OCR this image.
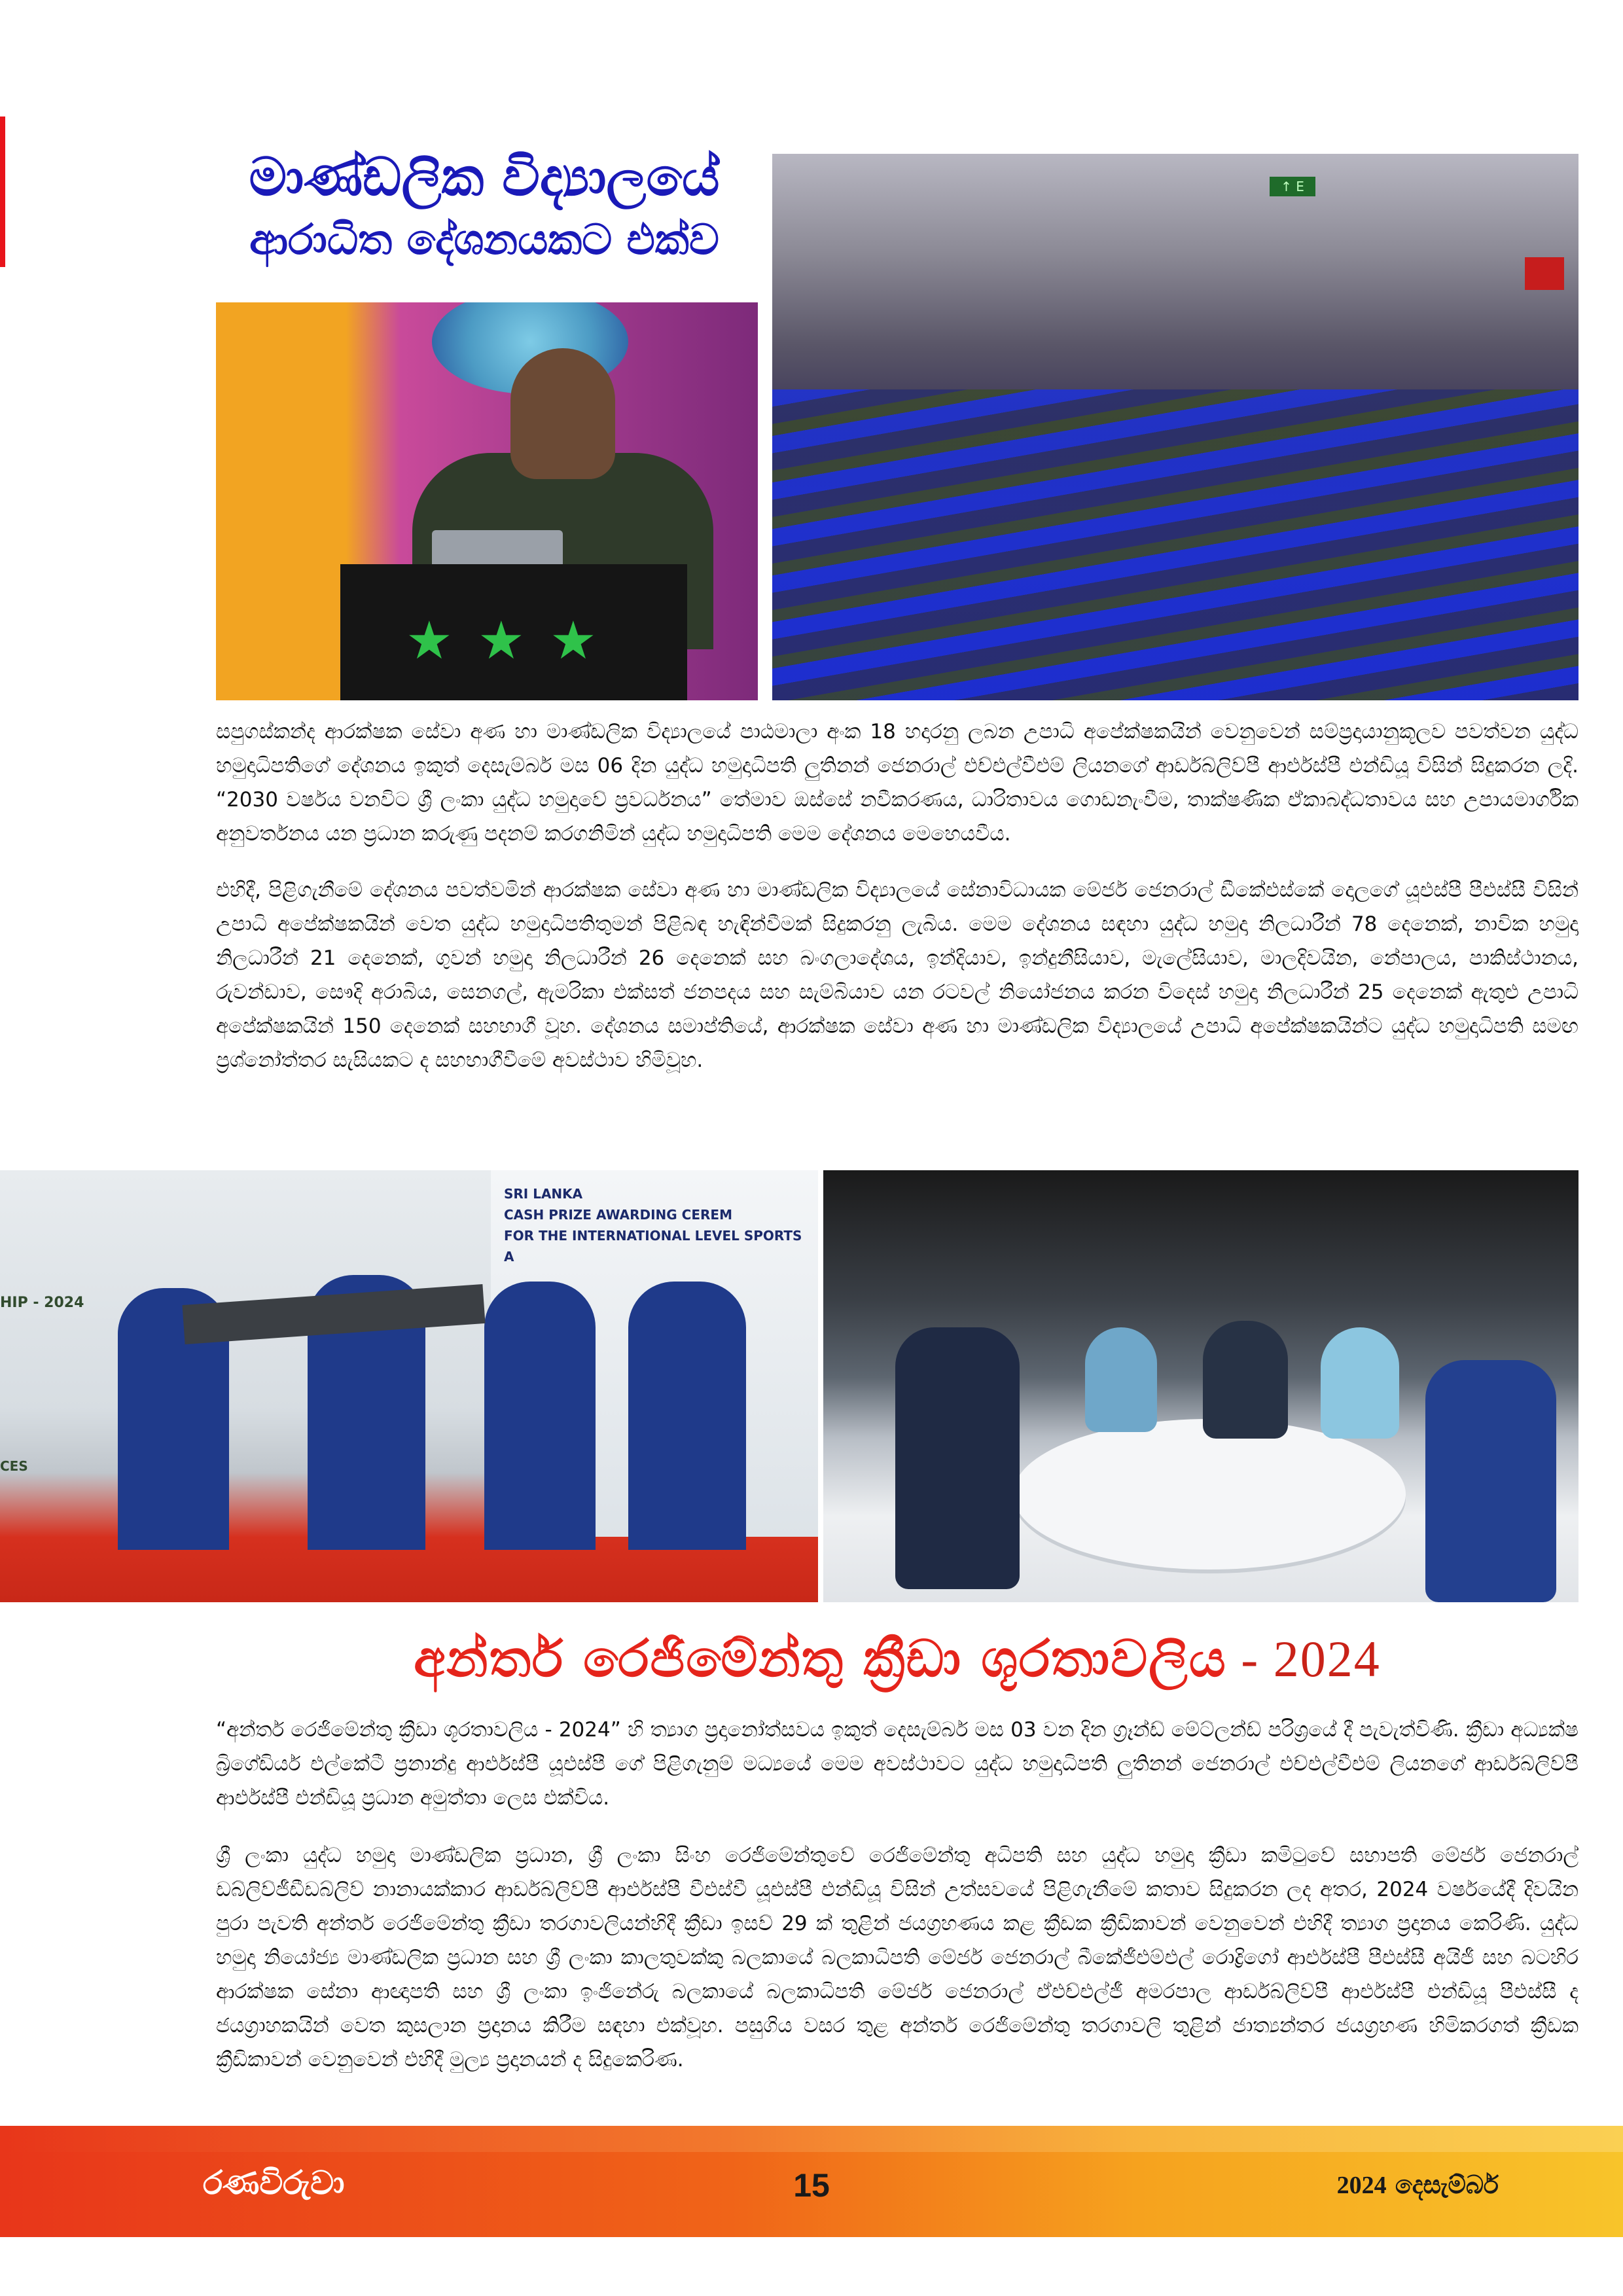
මාණ්ඩලික විද්‍යාලයේ
ආරාධිත දේශනයකට එක්ව
★ ★ ★
↑ E

සපුගස්කන්ද ආරක්ෂක සේවා අණ හා මාණ්ඩලික විද්‍යාලයේ පාඨමාලා අංක 18 හදාරනු ලබන උපාධි අපේක්ෂකයින් වෙනුවෙන් සම්ප්‍රදායානුකූලව පවත්වන යුද්ධ හමුදාධිපතිගේ දේශනය ඉකුත් දෙසැම්බර් මස 06 දින යුද්ධ හමුදාධිපති ලුතිනන් ජෙනරාල් එච්එල්වීඑම් ලියනගේ ආර්ඩබ්ලිව්පී ආර්එස්පී එන්ඩියූ විසින් සිදුකරන ලදි. “2030 වර්ෂය වනවිට ශ්‍රී ලංකා යුද්ධ හමුදාවේ ප්‍රවර්ධනය” තේමාව ඔස්සේ නවීකරණය, ධාරිතාවය ගොඩනැංවීම, තාක්ෂණික ඒකාබද්ධතාවය සහ උපායමාර්ගික අනුවර්තනය යන ප්‍රධාන කරුණු පදනම් කරගනිමින් යුද්ධ හමුදාධිපති මෙම දේශනය මෙහෙයවීය.

එහිදී, පිළිගැනීමේ දේශනය පවත්වමින් ආරක්ෂක සේවා අණ හා මාණ්ඩලික විද්‍යාලයේ සේනාවිධායක මේජර් ජෙනරාල් ඩීකේඑස්කේ දොලගේ යූඑස්පී පීඑස්සී විසින් උපාධි අපේක්ෂකයින් වෙත යුද්ධ හමුදාධිපතිතුමන් පිළිබඳ හැඳින්වීමක් සිදුකරනු ලැබිය. මෙම දේශනය සඳහා යුද්ධ හමුදා නිලධාරීන් 78 දෙනෙක්, නාවික හමුදා නිලධාරීන් 21 දෙනෙක්, ගුවන් හමුදා නිලධාරීන් 26 දෙනෙක් සහ බංගලාදේශය, ඉන්දියාව, ඉන්දුනීසියාව, මැලේසියාව, මාලදිවයින, නේපාලය, පාකිස්ථානය, රුවන්ඩාව, සෞදි අරාබිය, සෙනගල්, ඇමරිකා එක්සත් ජනපදය සහ සැම්බියාව යන රටවල් නියෝජනය කරන විදෙස් හමුදා නිලධාරීන් 25 දෙනෙක් ඇතුළු උපාධි අපේක්ෂකයින් 150 දෙනෙක් සහභාගී වූහ. දේශනය සමාප්තියේ, ආරක්ෂක සේවා අණ හා මාණ්ඩලික විද්‍යාලයේ උපාධි අපේක්ෂකයින්ට යුද්ධ හමුදාධිපති සමඟ ප්‍රශ්නෝත්තර සැසියකට ද සහභාගීවීමේ අවස්ථාව හිමිවූහ.

SRI LANKA
CASH PRIZE AWARDING CEREM
FOR THE INTERNATIONAL LEVEL SPORTS A
HIP - 2024
CES
අන්තර් රෙජිමේන්තු ක්‍රීඩා ශූරතාවලිය - 2024

“අන්තර් රෙජිමේන්තු ක්‍රීඩා ශූරතාවලිය - 2024” හි ත්‍යාග ප්‍රදානෝත්සවය ඉකුත් දෙසැම්බර් මස 03 වන දින ග්‍රෑන්ඩ් මේට්ලන්ඩ් පරිශ්‍රයේ දී පැවැත්විණි. ක්‍රීඩා අධ්‍යක්ෂ බ්‍රිගේඩියර් එල්කේටී ප්‍රනාන්දු ආර්එස්පී යූඑස්පී ගේ පිළිගැනුම් මධ්‍යයේ මෙම අවස්ථාවට යුද්ධ හමුදාධිපති ලුතිනන් ජෙනරාල් එච්එල්වීඑම් ලියනගේ ආර්ඩබ්ලිව්පී ආර්එස්පී එන්ඩියූ ප්‍රධාන අමුත්තා ලෙස එක්විය.

ශ්‍රී ලංකා යුද්ධ හමුදා මාණ්ඩලික ප්‍රධාන, ශ්‍රී ලංකා සිංහ රෙජිමේන්තුවේ රෙජිමේන්තු අධිපති සහ යුද්ධ හමුදා ක්‍රීඩා කමිටුවේ සභාපති මේජර් ජෙනරාල් ඩබ්ලිව්ජීඩීඩබ්ලිව් නානායක්කාර ආර්ඩබ්ලිව්පී ආර්එස්පී වීඑස්වී යූඑස්පී එන්ඩියූ විසින් උත්සවයේ පිළිගැනීමේ කතාව සිදුකරන ලද අතර, 2024 වර්ෂයේදී දිවයින පුරා පැවති අන්තර් රෙජිමේන්තු ක්‍රීඩා තරගාවලියන්හිදී ක්‍රීඩා ඉසව් 29 ක් තුළින් ජයග්‍රහණය කළ ක්‍රීඩක ක්‍රීඩිකාවන් වෙනුවෙන් එහිදී ත්‍යාග ප්‍රදානය කෙරිණි. යුද්ධ හමුදා නියෝජ්‍ය මාණ්ඩලික ප්‍රධාන සහ ශ්‍රී ලංකා කාලතුවක්කු බලකායේ බලකාධිපති මේජර් ජෙනරාල් බීකේජීඑම්එල් රොද්‍රිගෝ ආර්එස්පී පීඑස්සී අයිජී සහ බටහිර ආරක්ෂක සේනා ආඥාපති සහ ශ්‍රී ලංකා ඉංජිනේරු බලකායේ බලකාධිපති මේජර් ජෙනරාල් ඒඑච්එල්ජී අමරපාල ආර්ඩබ්ලිව්පී ආර්එස්පී එන්ඩියූ පීඑස්සී ද ජයග්‍රාහකයින් වෙත කුසලාන ප්‍රදානය කිරීම සඳහා එක්වූහ. පසුගිය වසර තුළ අන්තර් රෙජිමේන්තු තරගාවලි තුළින් ජාත්‍යන්තර ජයග්‍රහණ හිමිකරගත් ක්‍රීඩක ක්‍රීඩිකාවන් වෙනුවෙන් එහිදී මුල්‍ය ප්‍රදානයන් ද සිදුකෙරිණ.

රණවිරුවා	15	2024 දෙසැම්බර්
